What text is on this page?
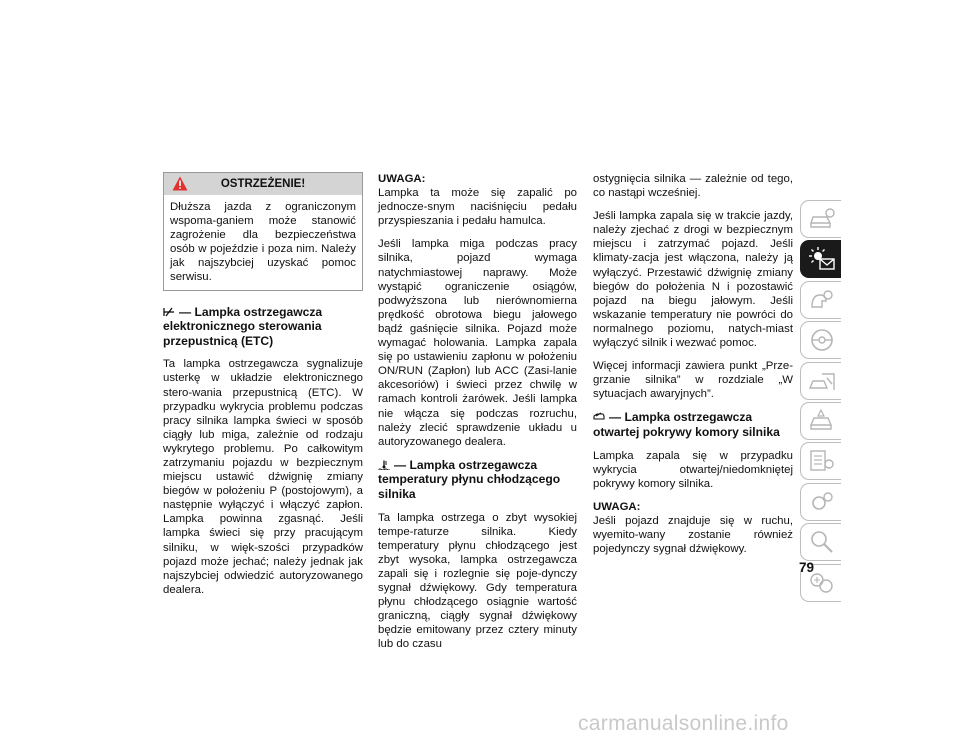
OSTRZEŻENIE!
Dłuższa jazda z ograniczonym wspoma-ganiem może stanowić zagrożenie dla bezpieczeństwa osób w pojeździe i poza nim. Należy jak najszybciej uzyskać pomoc serwisu.

— Lampka ostrzegawcza elektronicznego sterowania przepustnicą (ETC)

Ta lampka ostrzegawcza sygnalizuje usterkę w układzie elektronicznego stero-wania przepustnicą (ETC). W przypadku wykrycia problemu podczas pracy silnika lampka świeci w sposób ciągły lub miga, zależnie od rodzaju wykrytego problemu. Po całkowitym zatrzymaniu pojazdu w bezpiecznym miejscu ustawić dźwignię zmiany biegów w położeniu P (postojowym), a następnie wyłączyć i włączyć zapłon. Lampka powinna zgasnąć. Jeśli lampka świeci się przy pracującym silniku, w więk-szości przypadków pojazd może jechać; należy jednak jak najszybciej odwiedzić autoryzowanego dealera.

UWAGA:
Lampka ta może się zapalić po jednocze-snym naciśnięciu pedału przyspieszania i pedału hamulca.

Jeśli lampka miga podczas pracy silnika, pojazd wymaga natychmiastowej naprawy. Może wystąpić ograniczenie osiągów, podwyższona lub nierównomierna prędkość obrotowa biegu jałowego bądź gaśnięcie silnika. Pojazd może wymagać holowania. Lampka zapala się po ustawieniu zapłonu w położeniu ON/RUN (Zapłon) lub ACC (Zasi-lanie akcesoriów) i świeci przez chwilę w ramach kontroli żarówek. Jeśli lampka nie włącza się podczas rozruchu, należy zlecić sprawdzenie układu u autoryzowanego dealera.

— Lampka ostrzegawcza temperatury płynu chłodzącego silnika

Ta lampka ostrzega o zbyt wysokiej tempe-raturze silnika. Kiedy temperatury płynu chłodzącego jest zbyt wysoka, lampka ostrzegawcza zapali się i rozlegnie się poje-dynczy sygnał dźwiękowy. Gdy temperatura płynu chłodzącego osiągnie wartość graniczną, ciągły sygnał dźwiękowy będzie emitowany przez cztery minuty lub do czasu

ostygnięcia silnika — zależnie od tego, co nastąpi wcześniej.

Jeśli lampka zapala się w trakcie jazdy, należy zjechać z drogi w bezpiecznym miejscu i zatrzymać pojazd. Jeśli klimaty-zacja jest włączona, należy ją wyłączyć. Przestawić dźwignię zmiany biegów do położenia N i pozostawić pojazd na biegu jałowym. Jeśli wskazanie temperatury nie powróci do normalnego poziomu, natych-miast wyłączyć silnik i wezwać pomoc.

Więcej informacji zawiera punkt „Prze-grzanie silnika” w rozdziale „W sytuacjach awaryjnych”.

— Lampka ostrzegawcza otwartej pokrywy komory silnika

Lampka zapala się w przypadku wykrycia otwartej/niedomkniętej pokrywy komory silnika.

UWAGA:
Jeśli pojazd znajduje się w ruchu, wyemito-wany zostanie również pojedynczy sygnał dźwiękowy.

79
carmanualsonline.info
